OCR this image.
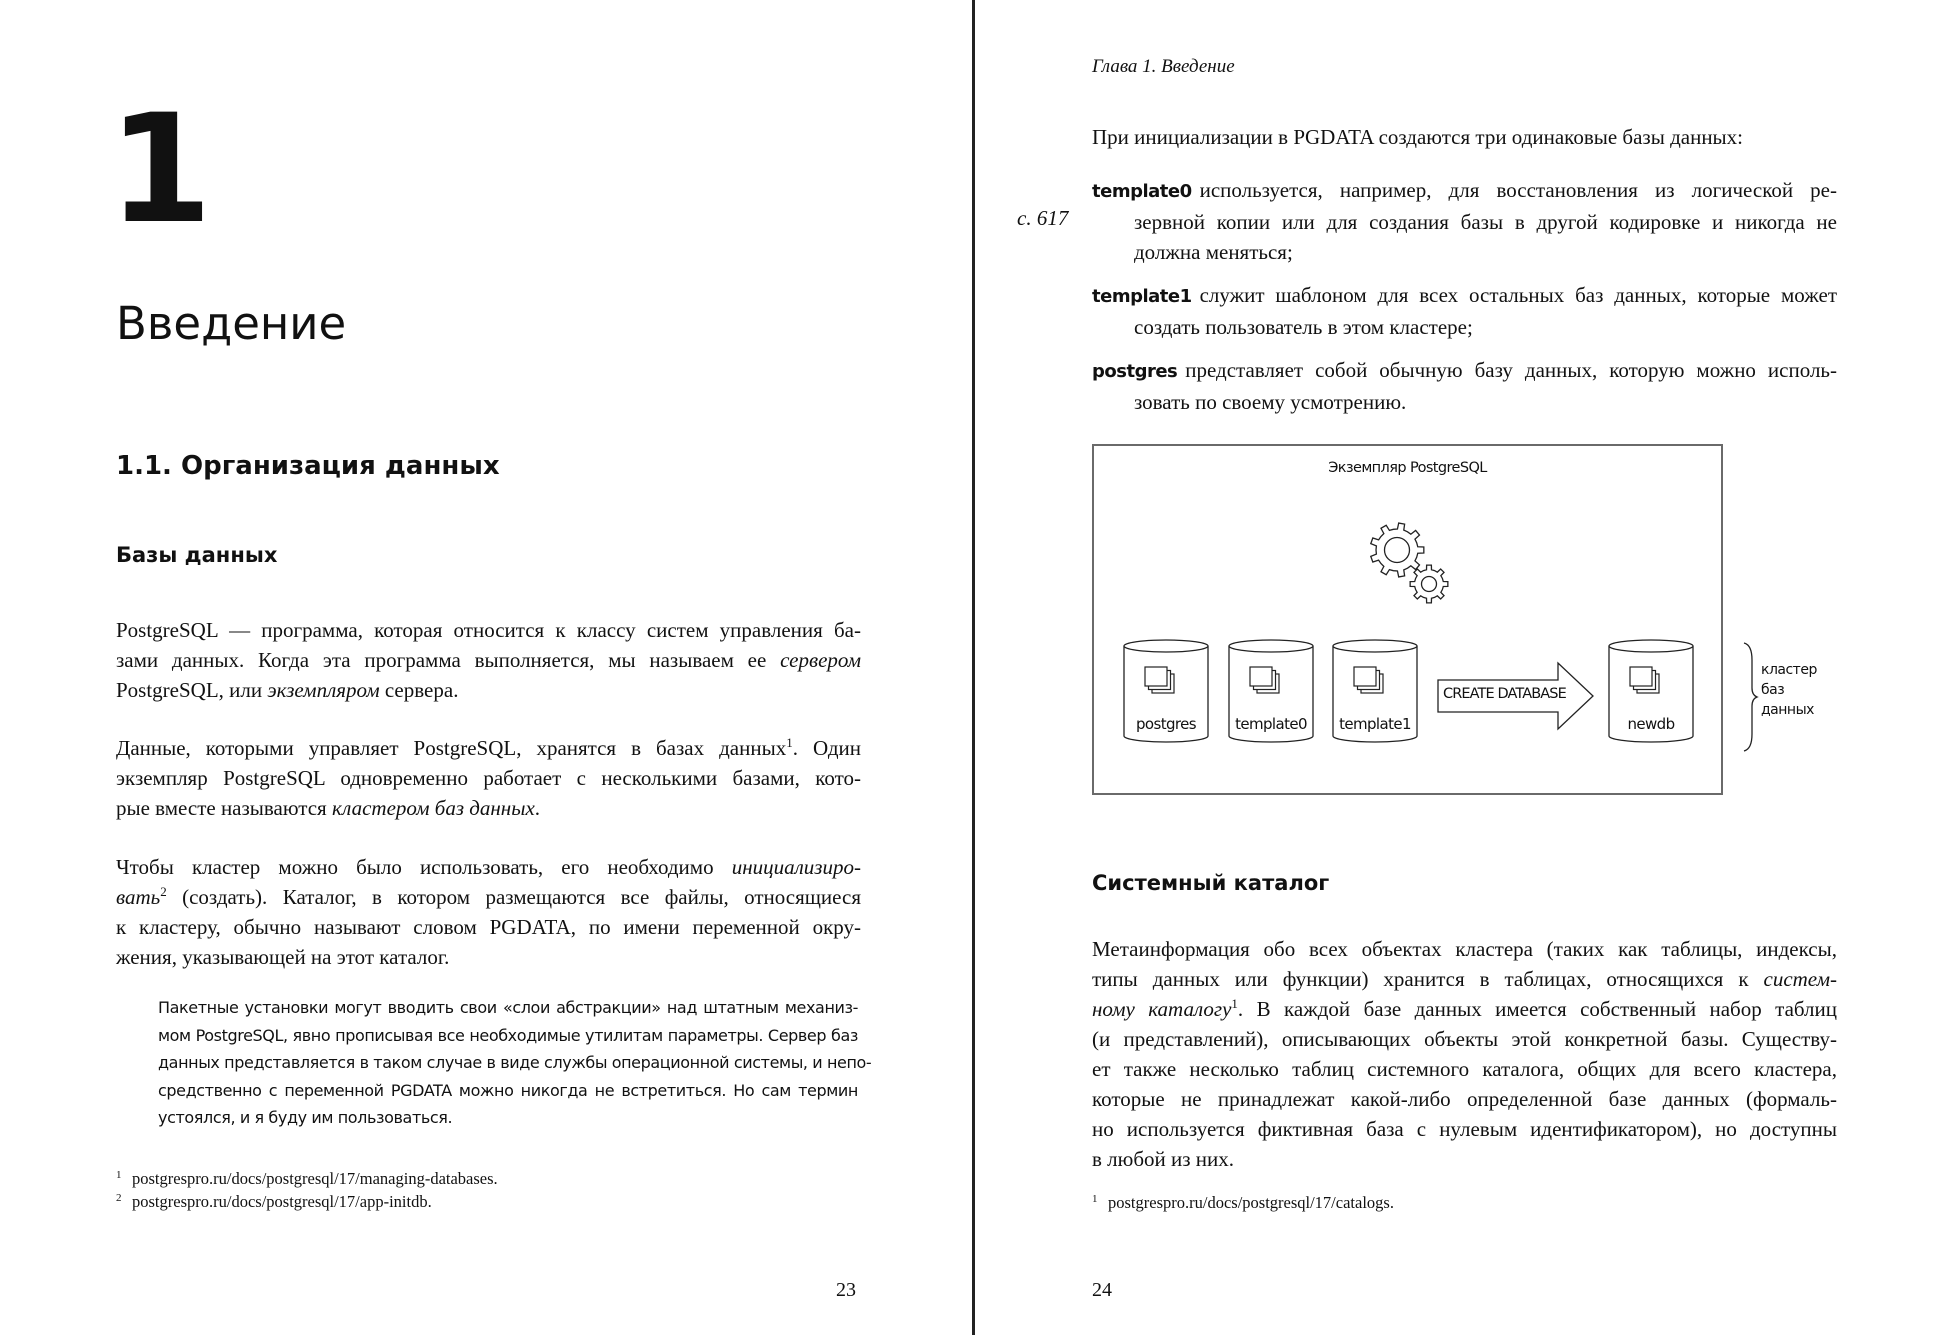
1
Введение
1.1. Организация данных
Базы данных
PostgreSQL — программа, которая относится к классу систем управления ба-
зами данных. Когда эта программа выполняется, мы называем ее сервером
PostgreSQL, или экземпляром сервера.
Данные, которыми управляет PostgreSQL, хранятся в базах данных$^1$. Один
экземпляр PostgreSQL одновременно работает с несколькими базами, кото-
рые вместе называются кластером баз данных.
Чтобы кластер можно было использовать, его необходимо инициализиро-
вать$^2$ (создать). Каталог, в котором размещаются все файлы, относящиеся
к кластеру, обычно называют словом PGDATA, по имени переменной окру-
жения, указывающей на этот каталог.
Пакетные установки могут вводить свои «слои абстракции» над штатным механиз-
мом PostgreSQL, явно прописывая все необходимые утилитам параметры. Сервер баз
данных представляется в таком случае в виде службы операционной системы, и непо-
средственно с переменной PGDATA можно никогда не встретиться. Но сам термин
устоялся, и я буду им пользоваться.
1 postgrespro.ru/docs/postgresql/17/managing-databases.
2 postgrespro.ru/docs/postgresql/17/app-initdb.
23
Глава 1. Введение
При инициализации в PGDATA создаются три одинаковые базы данных:
с. 617
template0 используется, например, для восстановления из логической ре-
зервной копии или для создания базы в другой кодировке и никогда не
должна меняться;
template1 служит шаблоном для всех остальных баз данных, которые может
создать пользователь в этом кластере;
postgres представляет собой обычную базу данных, которую можно исполь-
зовать по своему усмотрению.
Экземпляр PostgreSQL
postgres	template0	template1	newdb
CREATE DATABASE
кластер
баз
данных
Системный каталог
Метаинформация обо всех объектах кластера (таких как таблицы, индексы,
типы данных или функции) хранится в таблицах, относящихся к систем-
ному каталогу$^1$. В каждой базе данных имеется собственный набор таблиц
(и представлений), описывающих объекты этой конкретной базы. Существу-
ет также несколько таблиц системного каталога, общих для всего кластера,
которые не принадлежат какой-либо определенной базе данных (формаль-
но используется фиктивная база с нулевым идентификатором), но доступны
в любой из них.
1 postgrespro.ru/docs/postgresql/17/catalogs.
24
